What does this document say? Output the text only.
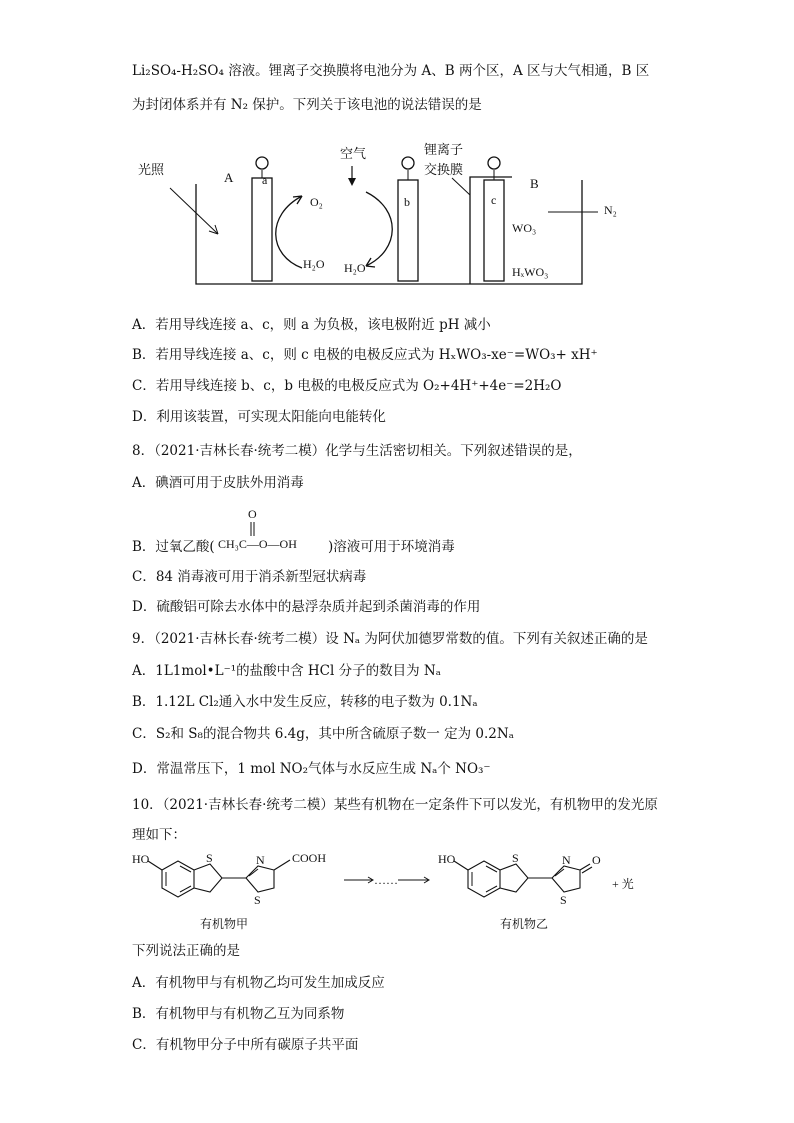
Li₂SO₄-H₂SO₄ 溶液。锂离子交换膜将电池分为 A、B 两个区，A 区与大气相通，B 区
为封闭体系并有 N₂ 保护。下列关于该电池的说法错误的是
a
b	c
光照
A	B
O₂
H₂O
空气
H₂O
锂离子
交换膜
N₂
WO₃
HₓWO₃
A．若用导线连接 a、c，则 a 为负极，该电极附近 pH 减小
B．若用导线连接 a、c，则 c 电极的电极反应式为 HₓWO₃-xe⁻=WO₃+ xH⁺
C．若用导线连接 b、c，b 电极的电极反应式为 O₂+4H⁺+4e⁻=2H₂O
D．利用该装置，可实现太阳能向电能转化
8．（2021·吉林长春·统考二模）化学与生活密切相关。下列叙述错误的是，
A．碘酒可用于皮肤外用消毒
B．过氧乙酸(
O
CH₃C—O—OH )溶液可用于环境消毒
C．84 消毒液可用于消杀新型冠状病毒
D．硫酸铝可除去水体中的悬浮杂质并起到杀菌消毒的作用
9．（2021·吉林长春·统考二模）设 Nₐ 为阿伏加德罗常数的值。下列有关叙述正确的是
A．1L1mol•L⁻¹的盐酸中含 HCl 分子的数目为 Nₐ
B．1.12L Cl₂通入水中发生反应，转移的电子数为 0.1Nₐ
C．S₂和 S₈的混合物共 6.4g，其中所含硫原子数一 定为 0.2Nₐ
D．常温常压下，1 mol NO₂气体与水反应生成 Nₐ个 NO₃⁻
10．（2021·吉林长春·统考二模）某些有机物在一定条件下可以发光，有机物甲的发光原
理如下：
HO	S	N
S
COOH
有机物甲
……
HO	S	N
S
O
+ 光
有机物乙
下列说法正确的是
A．有机物甲与有机物乙均可发生加成反应
B．有机物甲与有机物乙互为同系物
C．有机物甲分子中所有碳原子共平面
